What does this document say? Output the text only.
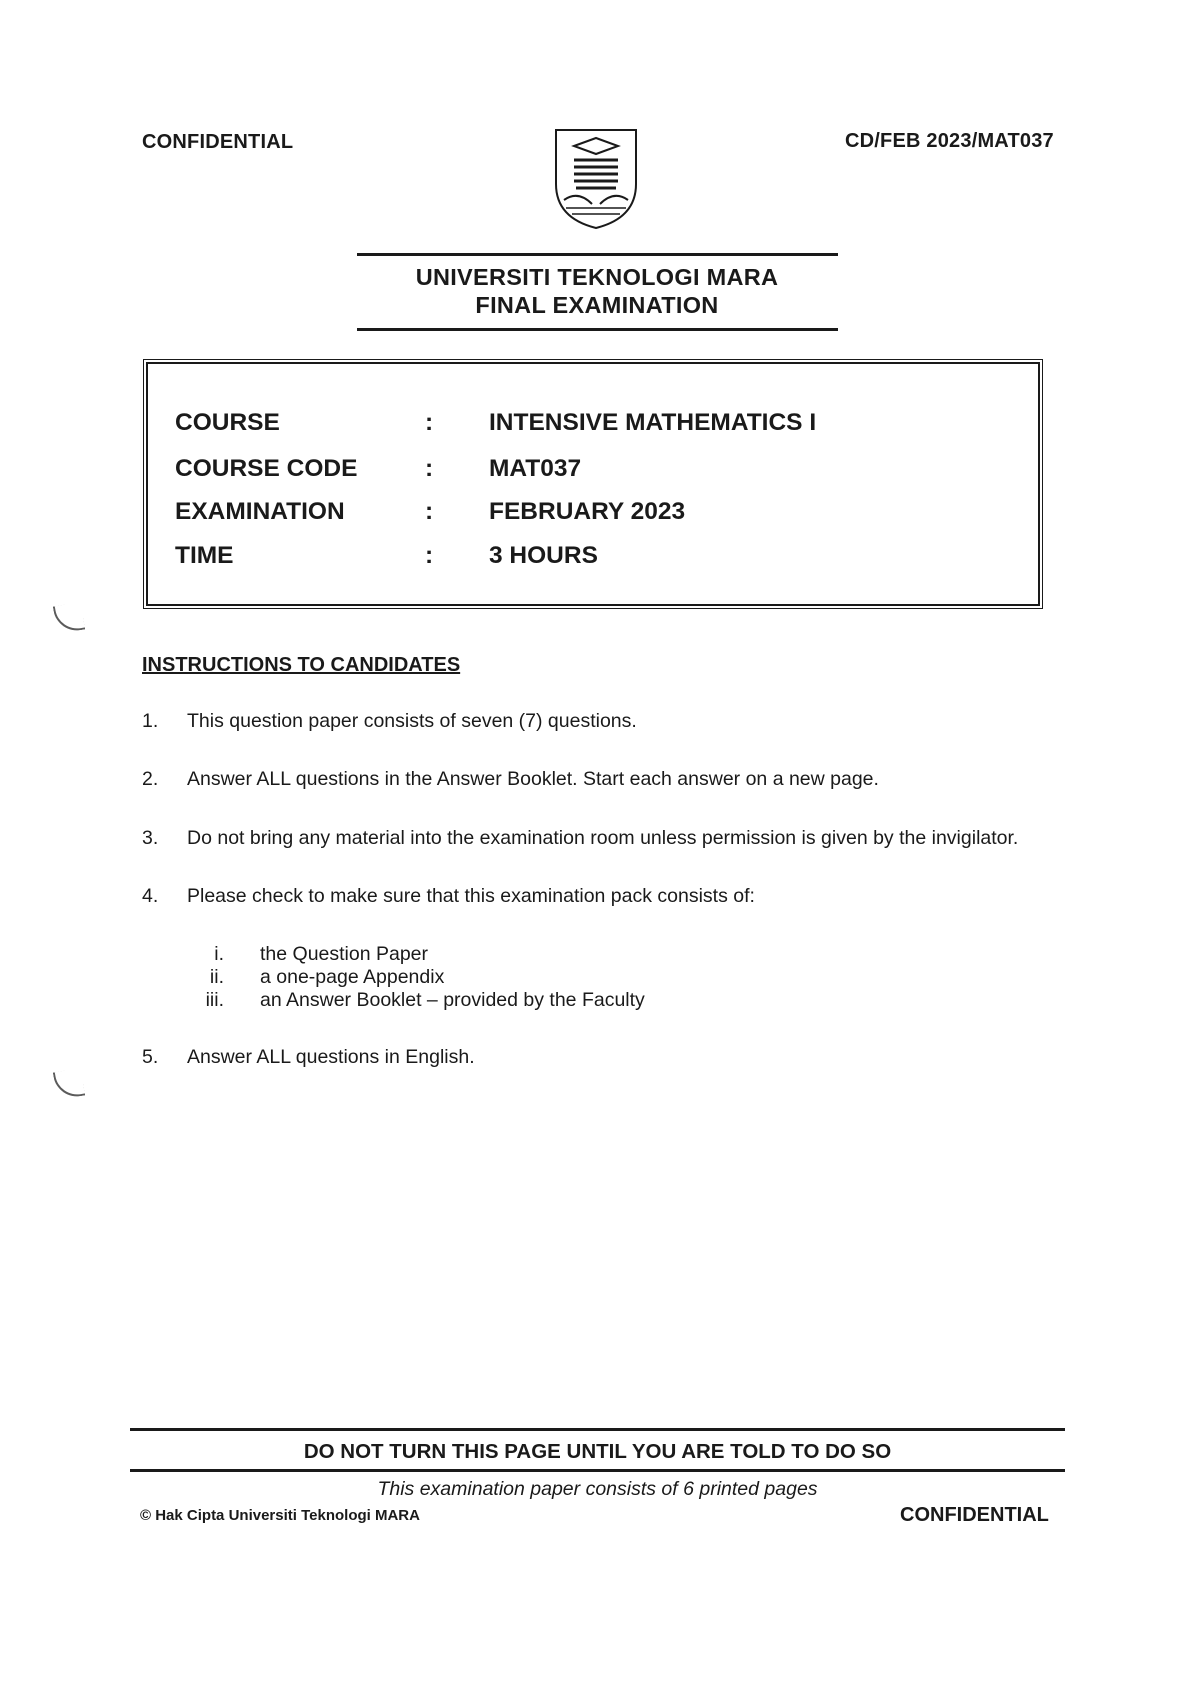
CONFIDENTIAL	CD/FEB 2023/MAT037
UNIVERSITI TEKNOLOGI MARA
FINAL EXAMINATION
COURSE	: INTENSIVE MATHEMATICS I
COURSE CODE	: MAT037
EXAMINATION	: FEBRUARY 2023
TIME	: 3 HOURS
INSTRUCTIONS TO CANDIDATES
1. This question paper consists of seven (7) questions.
2. Answer ALL questions in the Answer Booklet. Start each answer on a new page.
3. Do not bring any material into the examination room unless permission is given by the invigilator.
4. Please check to make sure that this examination pack consists of:
i. the Question Paper
ii. a one-page Appendix
iii. an Answer Booklet – provided by the Faculty
5. Answer ALL questions in English.
DO NOT TURN THIS PAGE UNTIL YOU ARE TOLD TO DO SO
This examination paper consists of 6 printed pages
© Hak Cipta Universiti Teknologi MARA	CONFIDENTIAL
